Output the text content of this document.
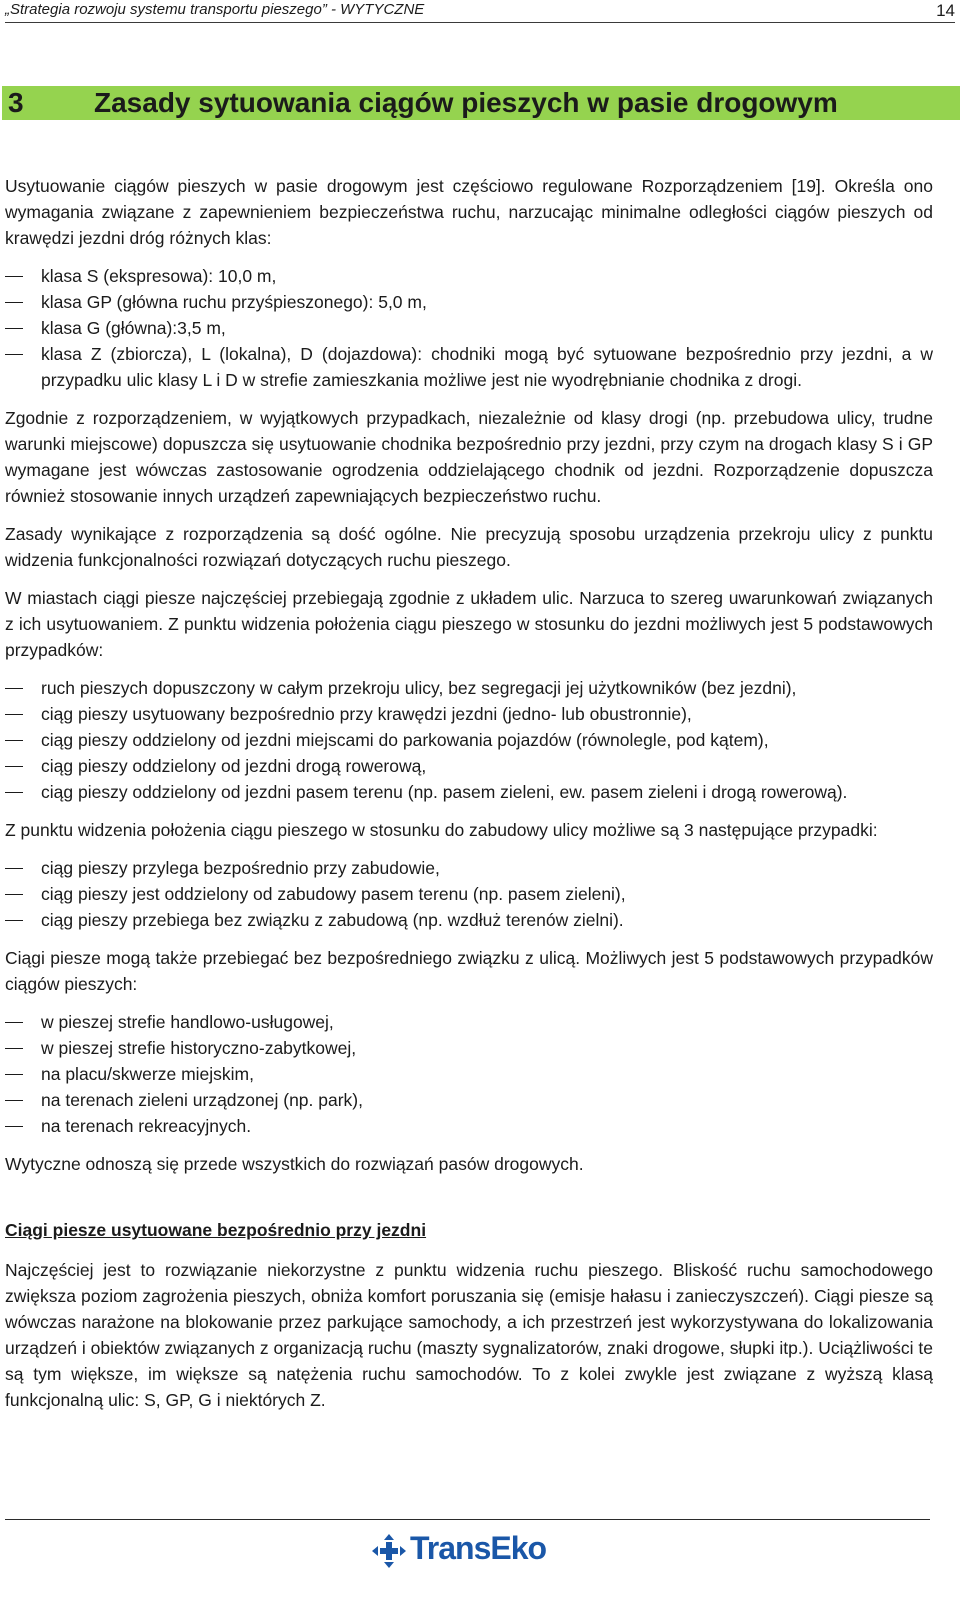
„Strategia rozwoju systemu transportu pieszego” - WYTYCZNE	14
3	Zasady sytuowania ciągów pieszych w pasie drogowym

Usytuowanie ciągów pieszych w pasie drogowym jest częściowo regulowane Rozporządzeniem [19]. Określa ono wymagania związane z zapewnieniem bezpieczeństwa ruchu, narzucając minimalne odległości ciągów pieszych od krawędzi jezdni dróg różnych klas:

klasa S (ekspresowa): 10,0 m,
klasa GP (główna ruchu przyśpieszonego): 5,0 m,
klasa G (główna):3,5 m,
klasa Z (zbiorcza), L (lokalna), D (dojazdowa): chodniki mogą być sytuowane bezpośrednio przy jezdni, a w przypadku ulic klasy L i D w strefie zamieszkania możliwe jest nie wyodrębnianie chodnika z drogi.

Zgodnie z rozporządzeniem, w wyjątkowych przypadkach, niezależnie od klasy drogi (np. przebudowa ulicy, trudne warunki miejscowe) dopuszcza się usytuowanie chodnika bezpośrednio przy jezdni, przy czym na drogach klasy S i GP wymagane jest wówczas zastosowanie ogrodzenia oddzielającego chodnik od jezdni. Rozporządzenie dopuszcza również stosowanie innych urządzeń zapewniających bezpieczeństwo ruchu.

Zasady wynikające z rozporządzenia są dość ogólne. Nie precyzują sposobu urządzenia przekroju ulicy z punktu widzenia funkcjonalności rozwiązań dotyczących ruchu pieszego.

W miastach ciągi piesze najczęściej przebiegają zgodnie z układem ulic. Narzuca to szereg uwarunkowań związanych z ich usytuowaniem. Z punktu widzenia położenia ciągu pieszego w stosunku do jezdni możliwych jest 5 podstawowych przypadków:

ruch pieszych dopuszczony w całym przekroju ulicy, bez segregacji jej użytkowników (bez jezdni),
ciąg pieszy usytuowany bezpośrednio przy krawędzi jezdni (jedno- lub obustronnie),
ciąg pieszy oddzielony od jezdni miejscami do parkowania pojazdów (równolegle, pod kątem),
ciąg pieszy oddzielony od jezdni drogą rowerową,
ciąg pieszy oddzielony od jezdni pasem terenu (np. pasem zieleni, ew. pasem zieleni i drogą rowerową).

Z punktu widzenia położenia ciągu pieszego w stosunku do zabudowy ulicy możliwe są 3 następujące przypadki:

ciąg pieszy przylega bezpośrednio przy zabudowie,
ciąg pieszy jest oddzielony od zabudowy pasem terenu (np. pasem zieleni),
ciąg pieszy przebiega bez związku z zabudową (np. wzdłuż terenów zielni).

Ciągi piesze mogą także przebiegać bez bezpośredniego związku z ulicą. Możliwych jest 5 podstawowych przypadków ciągów pieszych:

w pieszej strefie handlowo-usługowej,
w pieszej strefie historyczno-zabytkowej,
na placu/skwerze miejskim,
na terenach zieleni urządzonej (np. park),
na terenach rekreacyjnych.

Wytyczne odnoszą się przede wszystkich do rozwiązań pasów drogowych.

Ciągi piesze usytuowane bezpośrednio przy jezdni

Najczęściej jest to rozwiązanie niekorzystne z punktu widzenia ruchu pieszego. Bliskość ruchu samochodowego zwiększa poziom zagrożenia pieszych, obniża komfort poruszania się (emisje hałasu i zanieczyszczeń). Ciągi piesze są wówczas narażone na blokowanie przez parkujące samochody, a ich przestrzeń jest wykorzystywana do lokalizowania urządzeń i obiektów związanych z organizacją ruchu (maszty sygnalizatorów, znaki drogowe, słupki itp.). Uciążliwości te są tym większe, im większe są natężenia ruchu samochodów. To z kolei zwykle jest związane z wyższą klasą funkcjonalną ulic: S, GP, G i niektórych Z.

TransEko
